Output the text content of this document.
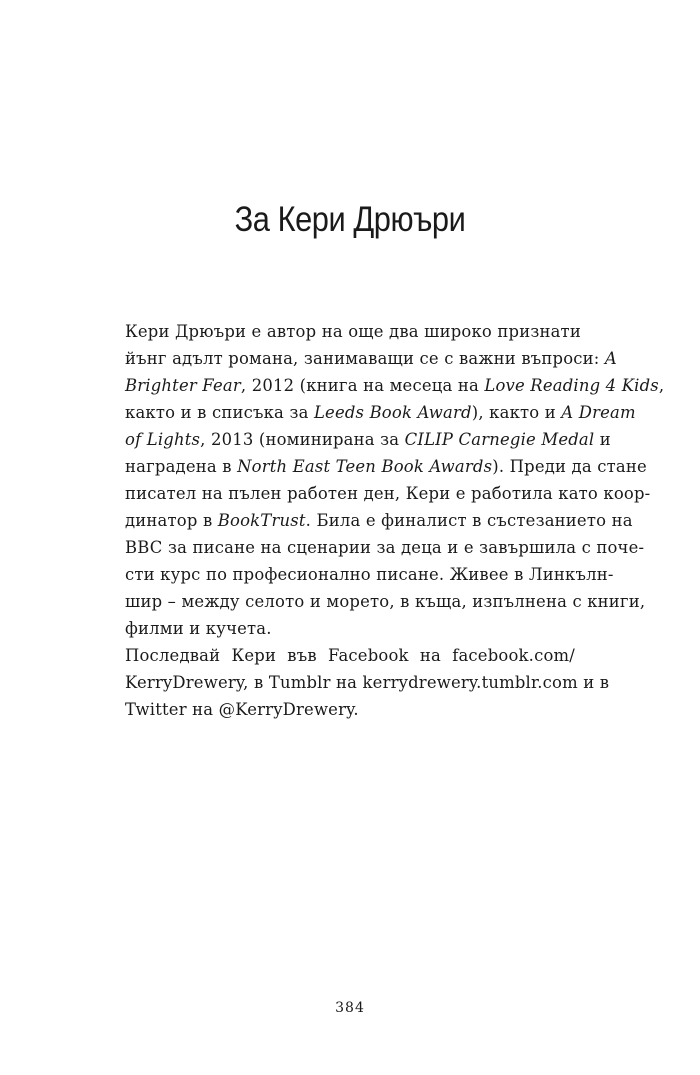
За Кери Дрюъри

Кери Дрюъри е автор на още два широко признати
йънг адълт романа, занимаващи се с важни въпроси: A
Brighter Fear, 2012 (книга на месеца на Love Reading 4 Kids,
както и в списъка за Leeds Book Award), както и A Dream
of Lights, 2013 (номинирана за CILIP Carnegie Medal и
наградена в North East Teen Book Awards). Преди да стане
писател на пълен работен ден, Кери е работила като коор-
динатор в BookTrust. Била е финалист в състезанието на
BBC за писане на сценарии за деца и е завършила с поче-
сти курс по професионално писане. Живее в Линкълн-
шир – между селото и морето, в къща, изпълнена с книги,
филми и кучета.

Последвай Кери във Facebook на facebook.com/
KerryDrewery, в Tumblr на kerrydrewery.tumblr.com и в
Twitter на @KerryDrewery.

384
